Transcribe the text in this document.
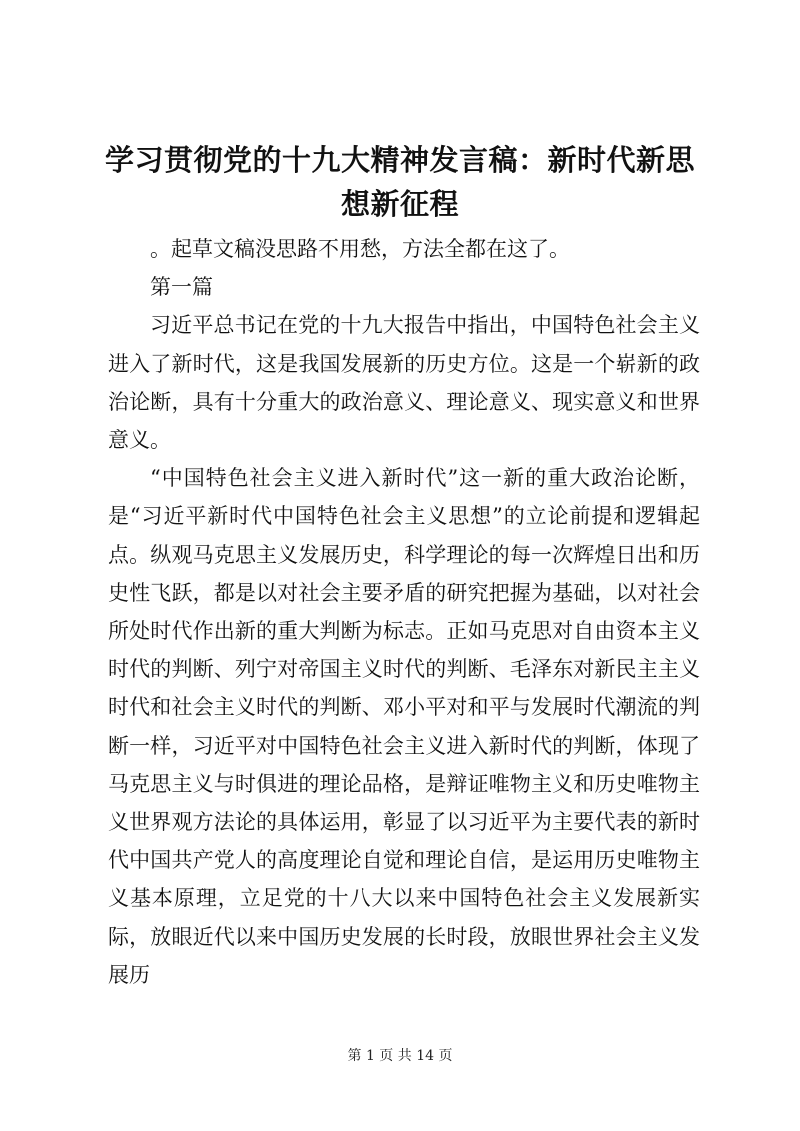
学习贯彻党的十九大精神发言稿：新时代新思想新征程

。起草文稿没思路不用愁，方法全都在这了。

第一篇

习近平总书记在党的十九大报告中指出，中国特色社会主义进入了新时代，这是我国发展新的历史方位。这是一个崭新的政治论断，具有十分重大的政治意义、理论意义、现实意义和世界意义。

“中国特色社会主义进入新时代”这一新的重大政治论断，是“习近平新时代中国特色社会主义思想”的立论前提和逻辑起点。纵观马克思主义发展历史，科学理论的每一次辉煌日出和历史性飞跃，都是以对社会主要矛盾的研究把握为基础，以对社会所处时代作出新的重大判断为标志。正如马克思对自由资本主义时代的判断、列宁对帝国主义时代的判断、毛泽东对新民主主义时代和社会主义时代的判断、邓小平对和平与发展时代潮流的判断一样，习近平对中国特色社会主义进入新时代的判断，体现了马克思主义与时俱进的理论品格，是辩证唯物主义和历史唯物主义世界观方法论的具体运用，彰显了以习近平为主要代表的新时代中国共产党人的高度理论自觉和理论自信，是运用历史唯物主义基本原理，立足党的十八大以来中国特色社会主义发展新实际，放眼近代以来中国历史发展的长时段，放眼世界社会主义发展历

第 1 页 共 14 页
